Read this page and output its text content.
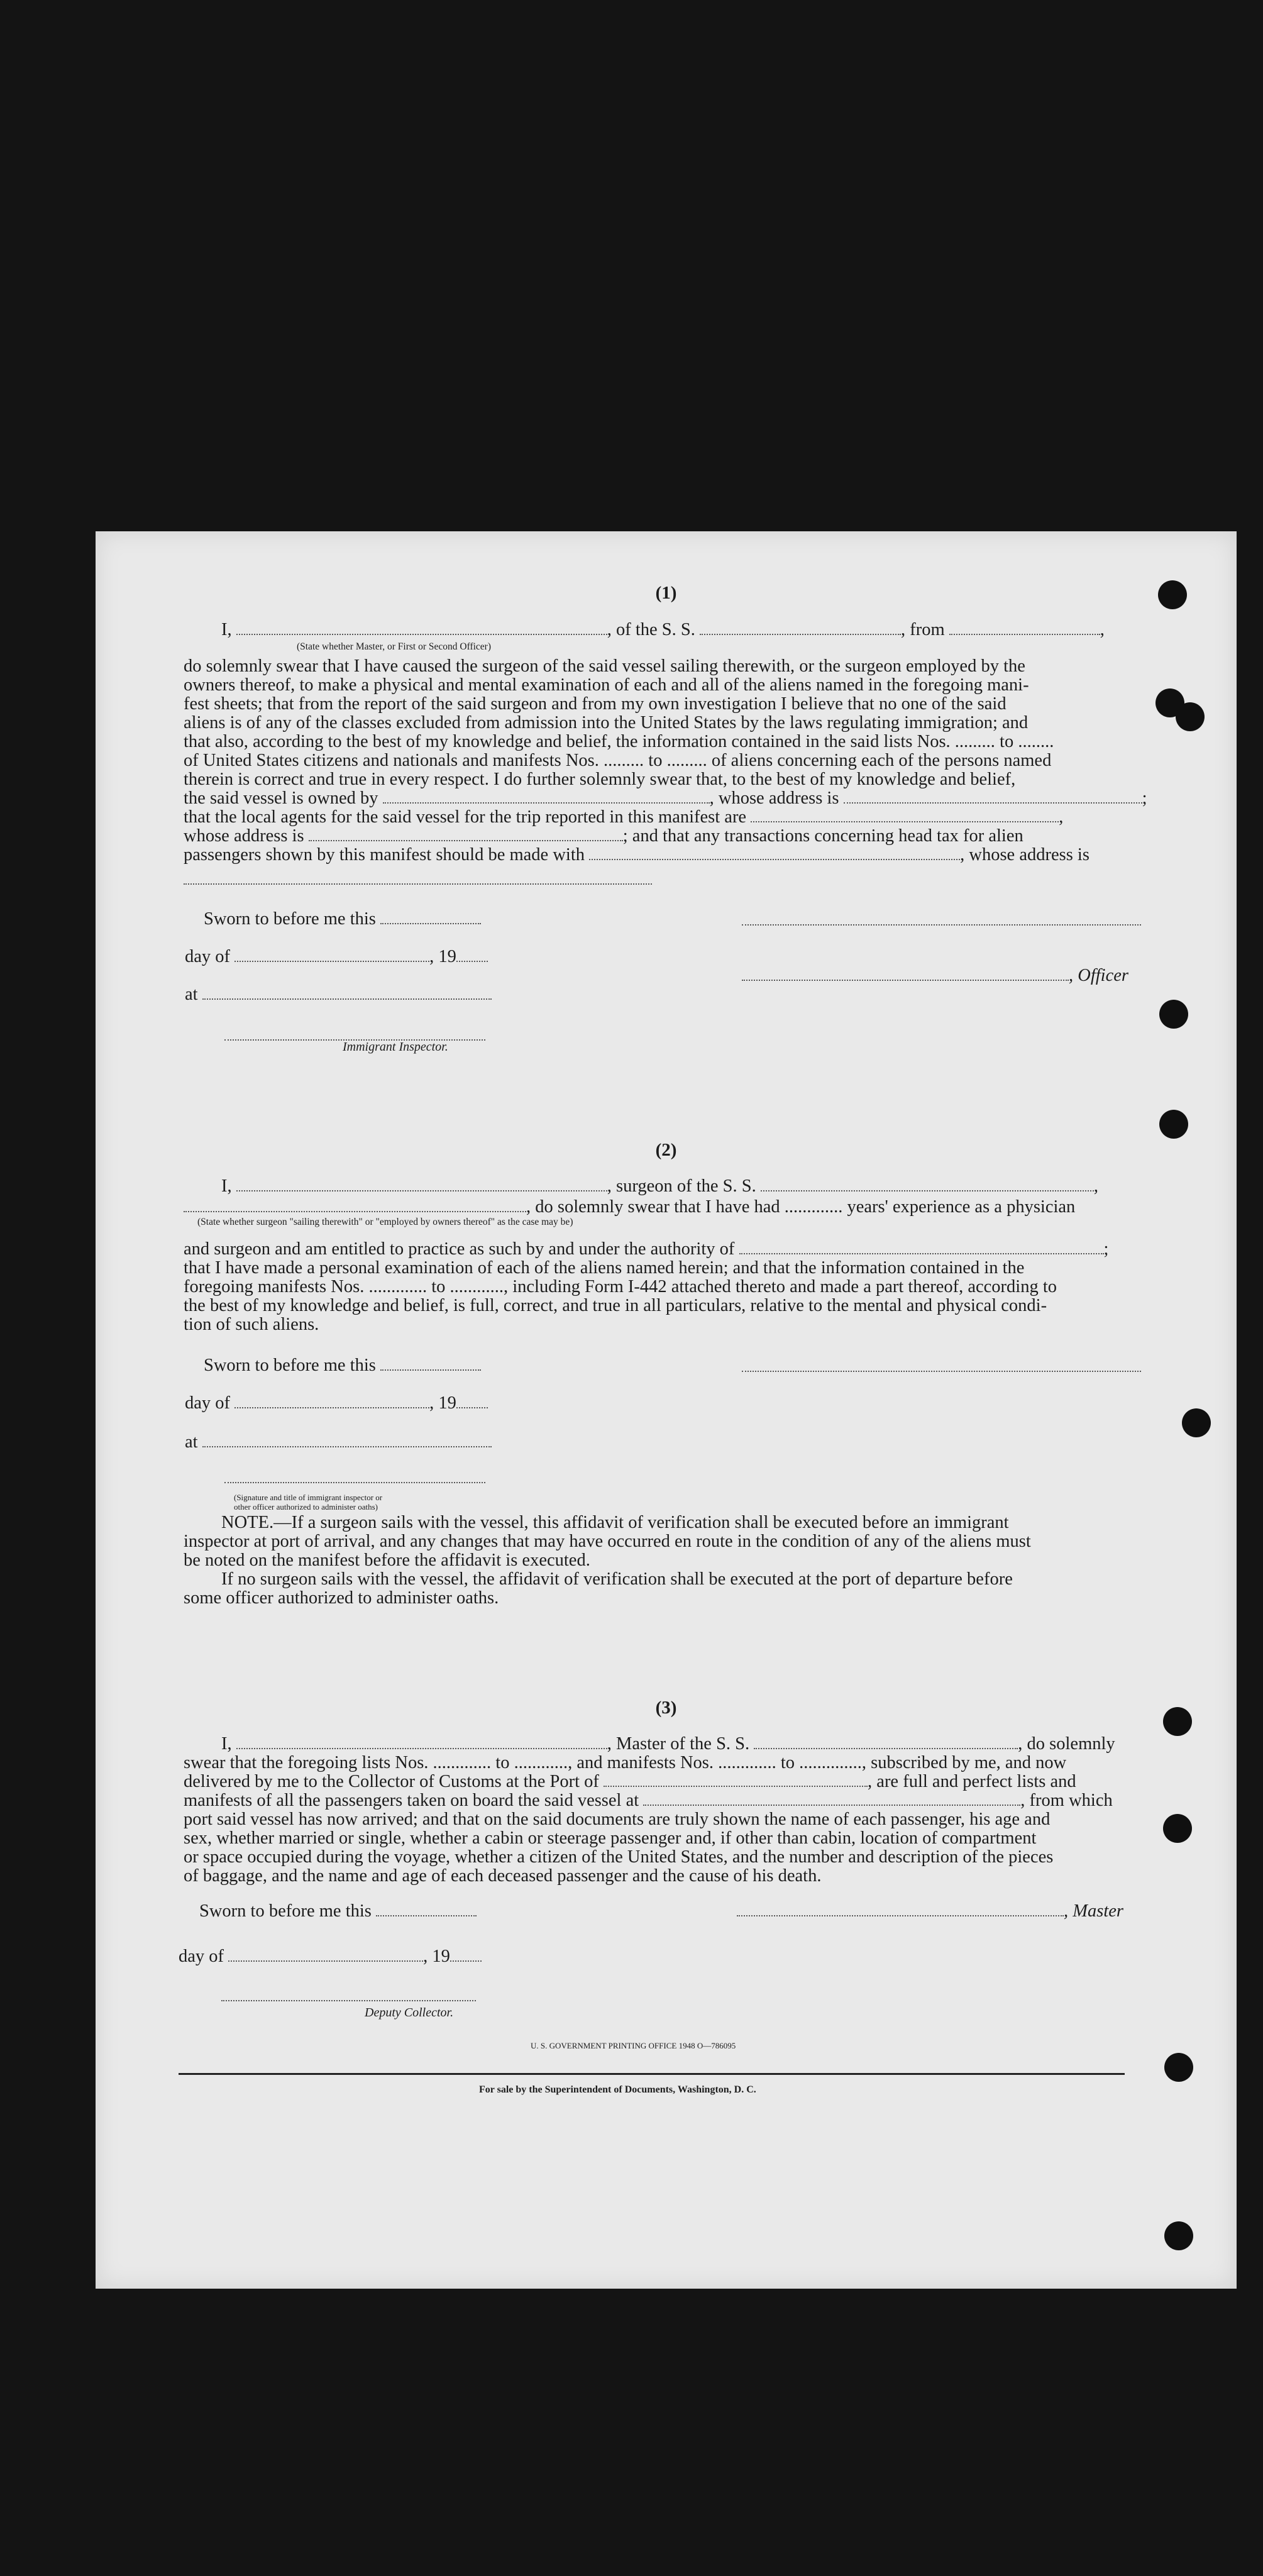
(1)
I,	, of the S. S.	, from	,
(State whether Master, or First or Second Officer)
do solemnly swear that I have caused the surgeon of the said vessel sailing therewith, or the surgeon employed by the
owners thereof, to make a physical and mental examination of each and all of the aliens named in the foregoing mani-
fest sheets; that from the report of the said surgeon and from my own investigation I believe that no one of the said
aliens is of any of the classes excluded from admission into the United States by the laws regulating immigration; and
that also, according to the best of my knowledge and belief, the information contained in the said lists Nos. ......... to ........
of United States citizens and nationals and manifests Nos. ......... to ......... of aliens concerning each of the persons named
therein is correct and true in every respect. I do further solemnly swear that, to the best of my knowledge and belief,
the said vessel is owned by	, whose address is	;
that the local agents for the said vessel for the trip reported in this manifest are	,
whose address is	; and that any transactions concerning head tax for alien
passengers shown by this manifest should be made with	, whose address is
Sworn to before me this
day of	, 19
, Officer
at
Immigrant Inspector.
(2)
I,	, surgeon of the S. S.	,
, do solemnly swear that I have had ............. years' experience as a physician
(State whether surgeon "sailing therewith" or "employed by owners thereof" as the case may be)
and surgeon and am entitled to practice as such by and under the authority of	;
that I have made a personal examination of each of the aliens named herein; and that the information contained in the
foregoing manifests Nos. ............. to ............, including Form I-442 attached thereto and made a part thereof, according to
the best of my knowledge and belief, is full, correct, and true in all particulars, relative to the mental and physical condi-
tion of such aliens.
Sworn to before me this
day of	, 19
at
(Signature and title of immigrant inspector or
other officer authorized to administer oaths)
NOTE.—If a surgeon sails with the vessel, this affidavit of verification shall be executed before an immigrant
inspector at port of arrival, and any changes that may have occurred en route in the condition of any of the aliens must
be noted on the manifest before the affidavit is executed.
If no surgeon sails with the vessel, the affidavit of verification shall be executed at the port of departure before
some officer authorized to administer oaths.
(3)
I,	, Master of the S. S.	, do solemnly
swear that the foregoing lists Nos. ............. to ............, and manifests Nos. ............. to .............., subscribed by me, and now
delivered by me to the Collector of Customs at the Port of	, are full and perfect lists and
manifests of all the passengers taken on board the said vessel at	, from which
port said vessel has now arrived; and that on the said documents are truly shown the name of each passenger, his age and
sex, whether married or single, whether a cabin or steerage passenger and, if other than cabin, location of compartment
or space occupied during the voyage, whether a citizen of the United States, and the number and description of the pieces
of baggage, and the name and age of each deceased passenger and the cause of his death.
Sworn to before me this	, Master
day of	, 19
Deputy Collector.
U. S. GOVERNMENT PRINTING OFFICE 1948 O—786095
For sale by the Superintendent of Documents, Washington, D. C.
